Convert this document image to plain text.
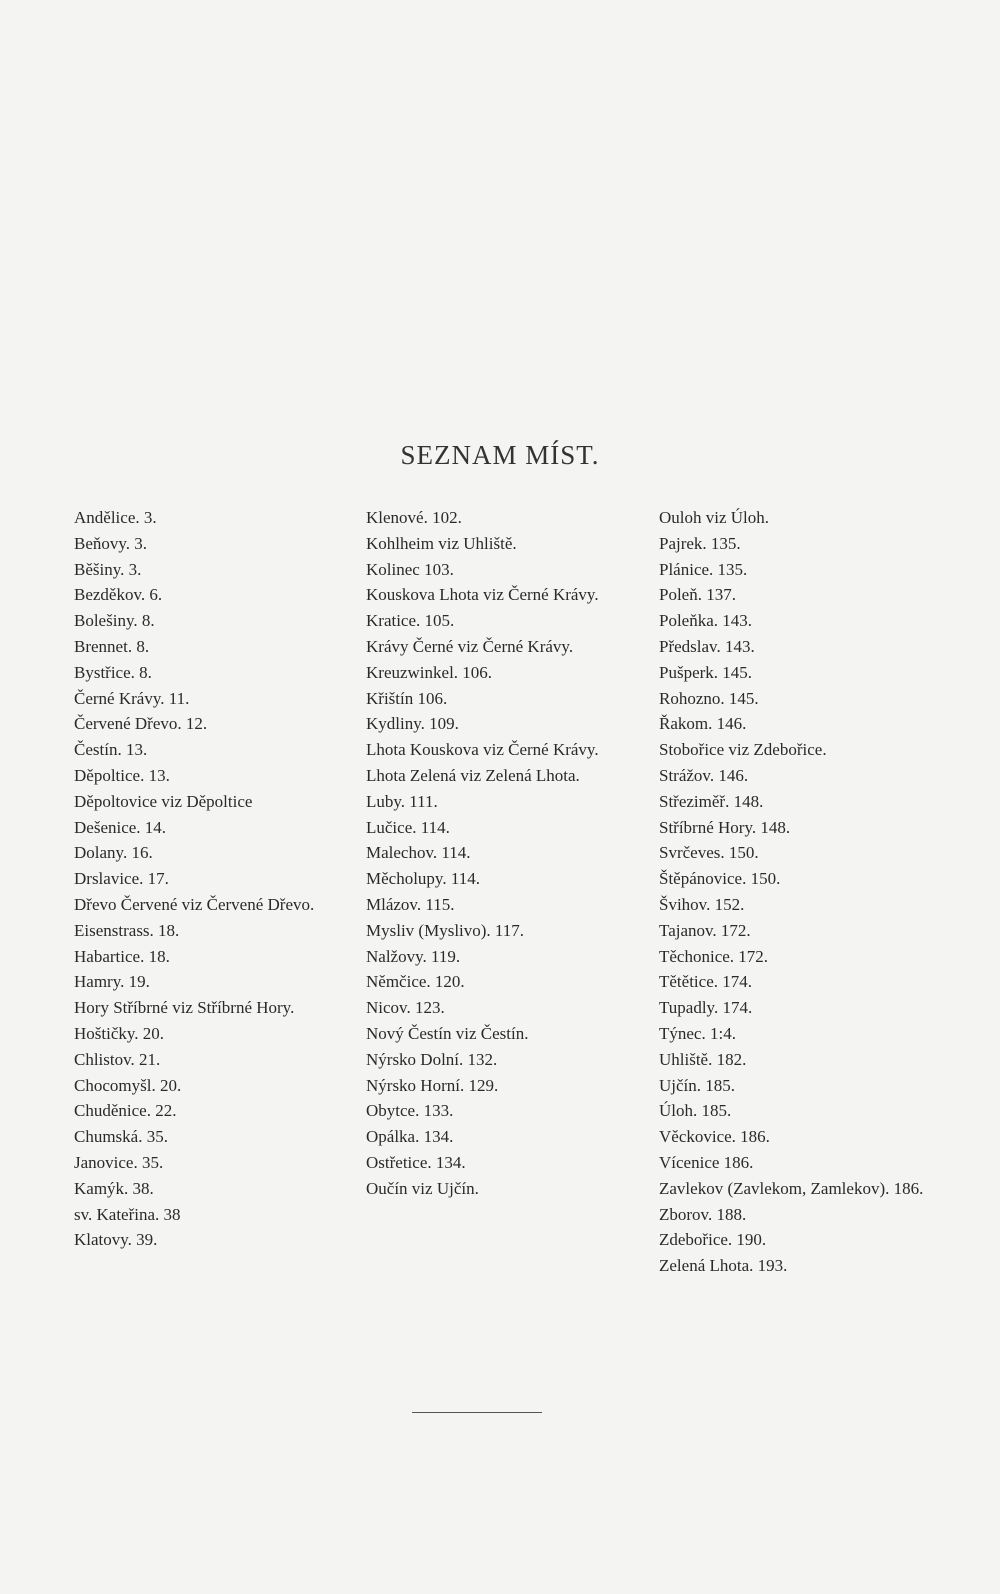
SEZNAM MÍST.
Andělice. 3.
Beňovy. 3.
Běšiny. 3.
Bezděkov. 6.
Bolešiny. 8.
Brennet. 8.
Bystřice. 8.
Černé Krávy. 11.
Červené Dřevo. 12.
Čestín. 13.
Děpoltice. 13.
Děpoltovice viz Děpoltice
Dešenice. 14.
Dolany. 16.
Drslavice. 17.
Dřevo Červené viz Červené Dřevo.
Eisenstrass. 18.
Habartice. 18.
Hamry. 19.
Hory Stříbrné viz Stříbrné Hory.
Hoštičky. 20.
Chlistov. 21.
Chocomyšl. 20.
Chuděnice. 22.
Chumská. 35.
Janovice. 35.
Kamýk. 38.
sv. Kateřina. 38
Klatovy. 39.
Klenové. 102.
Kohlheim viz Uhliště.
Kolinec 103.
Kouskova Lhota viz Černé Krávy.
Kratice. 105.
Krávy Černé viz Černé Krávy.
Kreuzwinkel. 106.
Křištín 106.
Kydliny. 109.
Lhota Kouskova viz Černé Krávy.
Lhota Zelená viz Zelená Lhota.
Luby. 111.
Lučice. 114.
Malechov. 114.
Měcholupy. 114.
Mlázov. 115.
Mysliv (Myslivo). 117.
Nalžovy. 119.
Němčice. 120.
Nicov. 123.
Nový Čestín viz Čestín.
Nýrsko Dolní. 132.
Nýrsko Horní. 129.
Obytce. 133.
Opálka. 134.
Ostřetice. 134.
Oučín viz Ujčín.
Ouloh viz Úloh.
Pajrek. 135.
Plánice. 135.
Poleň. 137.
Poleňka. 143.
Předslav. 143.
Pušperk. 145.
Rohozno. 145.
Řakom. 146.
Stobořice viz Zdebořice.
Strážov. 146.
Střeziměř. 148.
Stříbrné Hory. 148.
Svrčeves. 150.
Štěpánovice. 150.
Švihov. 152.
Tajanov. 172.
Těchonice. 172.
Tětětice. 174.
Tupadly. 174.
Týnec. 1:4.
Uhliště. 182.
Ujčín. 185.
Úloh. 185.
Věckovice. 186.
Vícenice 186.
Zavlekov (Zavlekom, Zamlekov). 186.
Zborov. 188.
Zdebořice. 190.
Zelená Lhota. 193.
